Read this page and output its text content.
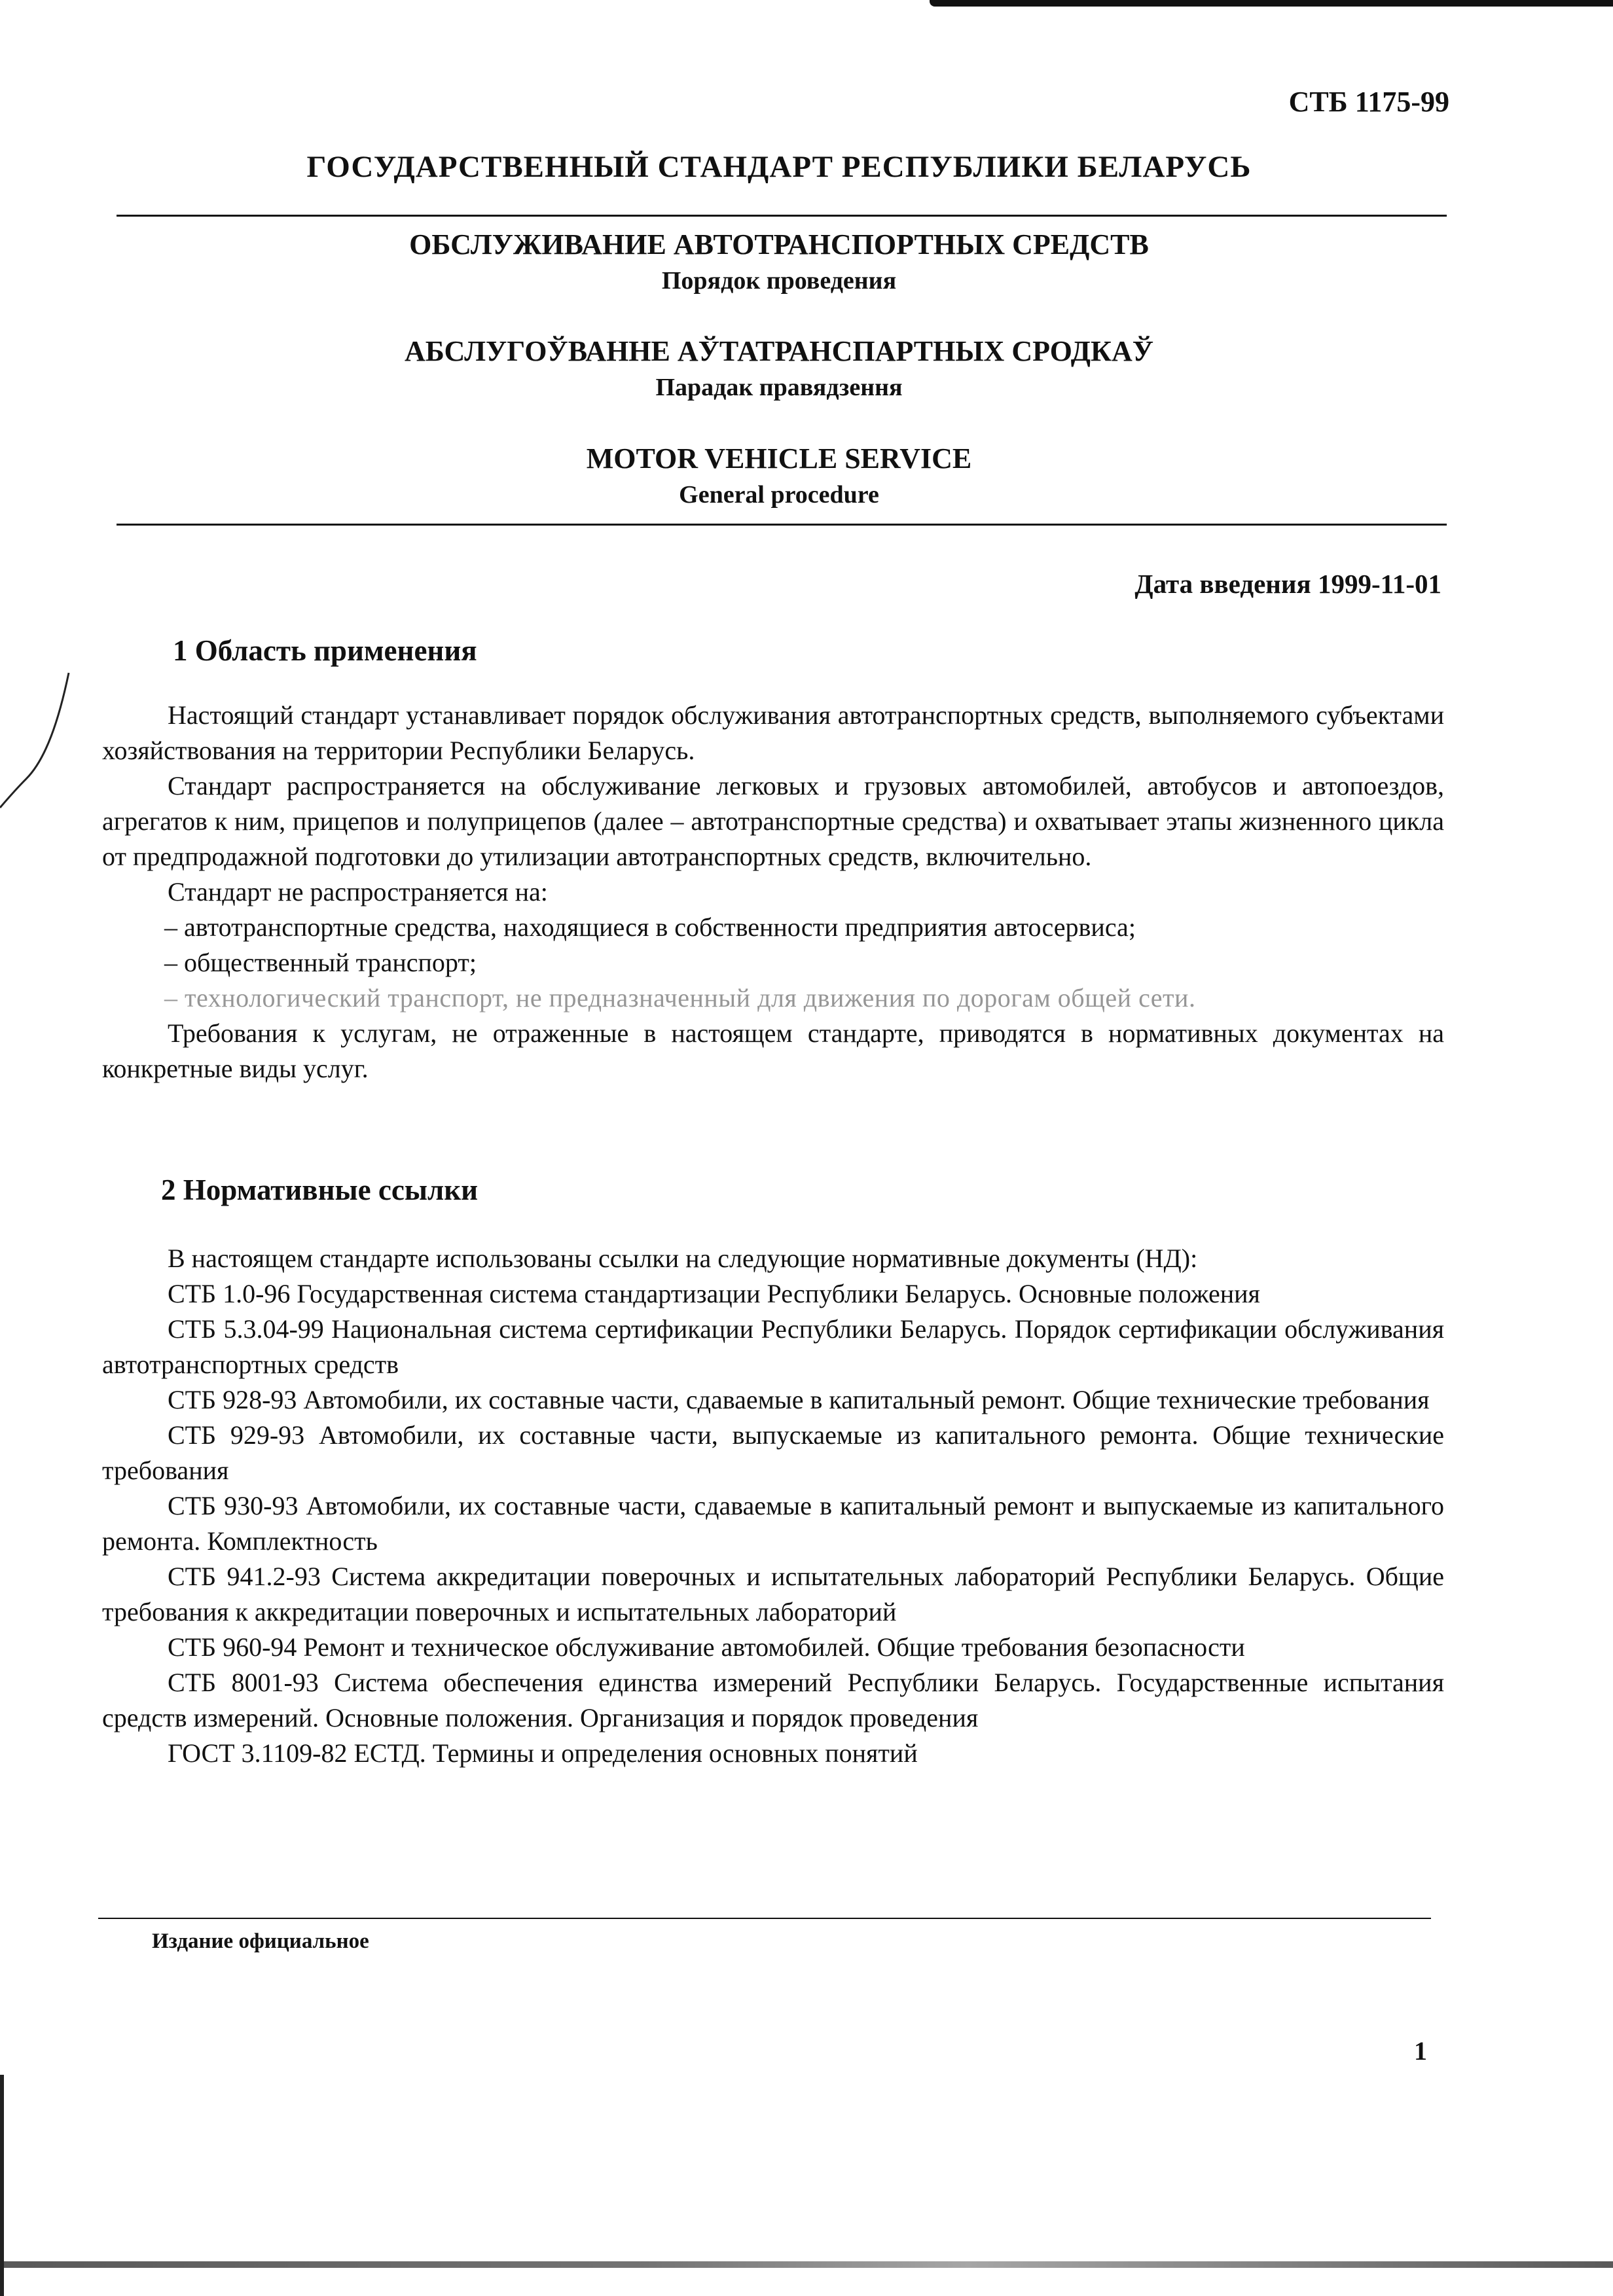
СТБ 1175-99
ГОСУДАРСТВЕННЫЙ СТАНДАРТ РЕСПУБЛИКИ БЕЛАРУСЬ
ОБСЛУЖИВАНИЕ АВТОТРАНСПОРТНЫХ СРЕДСТВ
Порядок проведения
АБСЛУГОЎВАННЕ АЎТАТРАНСПАРТНЫХ СРОДКАЎ
Парадак правядзення
MOTOR VEHICLE SERVICE
General procedure
Дата введения 1999-11-01
1 Область применения

Настоящий стандарт устанавливает порядок обслуживания автотранспортных средств, выполняемого субъектами хозяйствования на территории Республики Беларусь.

Стандарт распространяется на обслуживание легковых и грузовых автомобилей, автобусов и автопоездов, агрегатов к ним, прицепов и полуприцепов (далее – автотранспортные средства) и охватывает этапы жизненного цикла от предпродажной подготовки до утилизации автотранспортных средств, включительно.

Стандарт не распространяется на:

– автотранспортные средства, находящиеся в собственности предприятия автосервиса;

– общественный транспорт;

– технологический транспорт, не предназначенный для движения по дорогам общей сети.

Требования к услугам, не отраженные в настоящем стандарте, приводятся в нормативных документах на конкретные виды услуг.

2 Нормативные ссылки

В настоящем стандарте использованы ссылки на следующие нормативные документы (НД):

СТБ 1.0-96 Государственная система стандартизации Республики Беларусь. Основные положения

СТБ 5.3.04-99 Национальная система сертификации Республики Беларусь. Порядок сертификации обслуживания автотранспортных средств

СТБ 928-93 Автомобили, их составные части, сдаваемые в капитальный ремонт. Общие технические требования

СТБ 929-93 Автомобили, их составные части, выпускаемые из капитального ремонта. Общие технические требования

СТБ 930-93 Автомобили, их составные части, сдаваемые в капитальный ремонт и выпускаемые из капитального ремонта. Комплектность

СТБ 941.2-93 Система аккредитации поверочных и испытательных лабораторий Республики Беларусь. Общие требования к аккредитации поверочных и испытательных лабораторий

СТБ 960-94 Ремонт и техническое обслуживание автомобилей. Общие требования безопасности

СТБ 8001-93 Система обеспечения единства измерений Республики Беларусь. Государственные испытания средств измерений. Основные положения. Организация и порядок проведения

ГОСТ 3.1109-82 ЕСТД. Термины и определения основных понятий

Издание официальное
1
